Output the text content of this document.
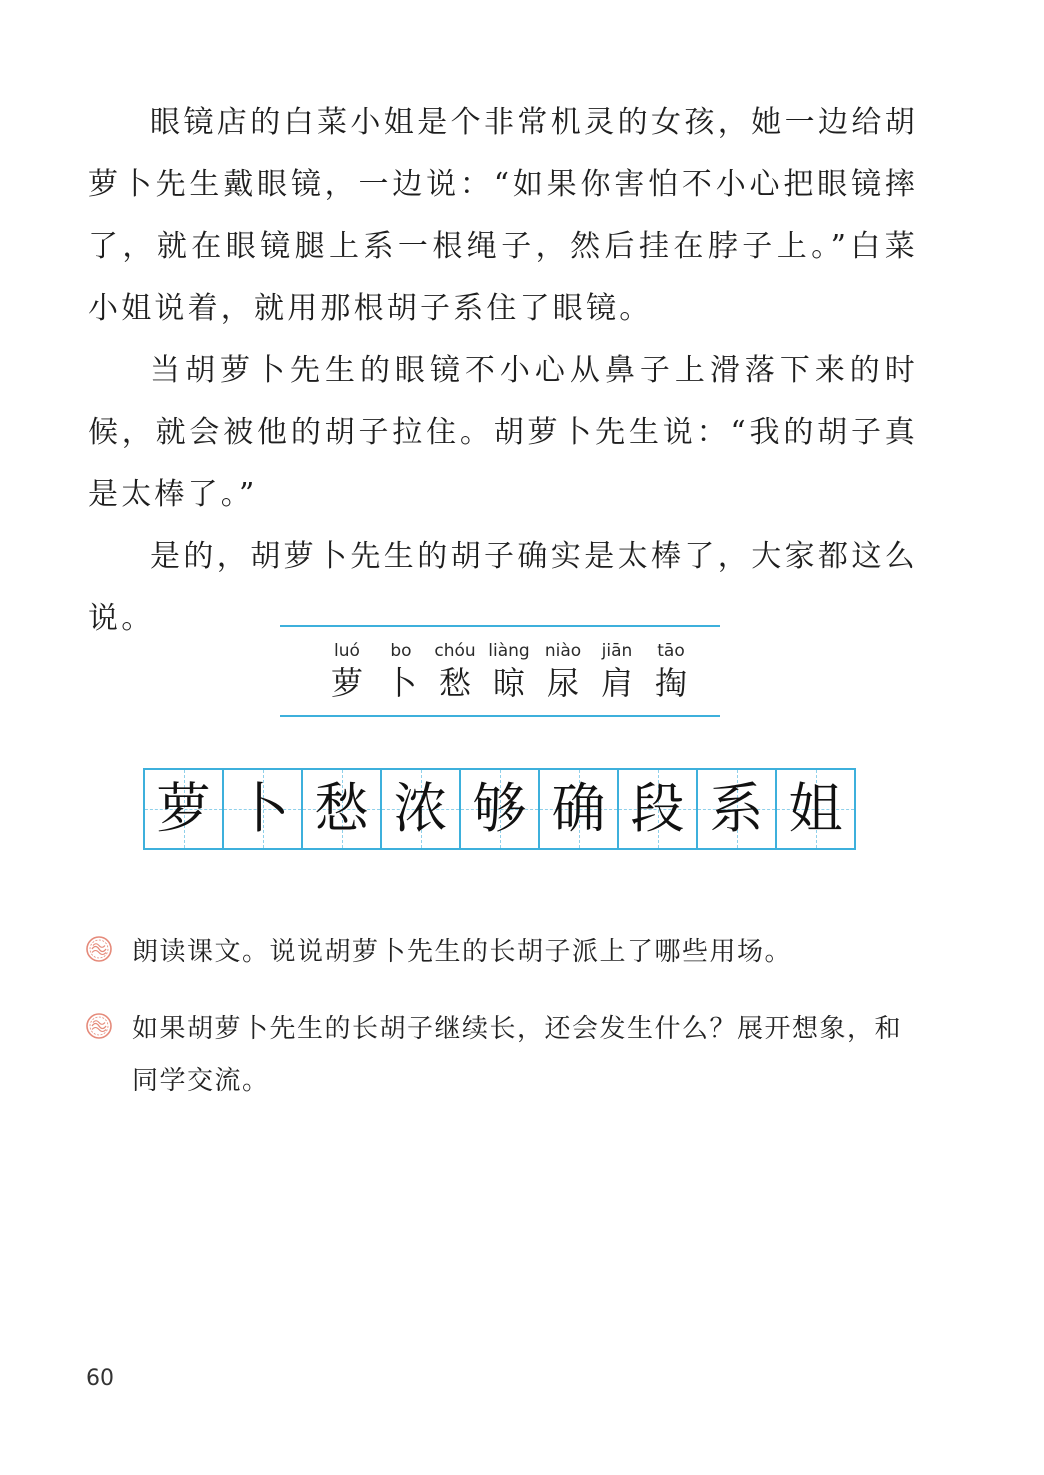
眼镜店的白菜小姐是个非常机灵的女孩，她一边给胡萝卜先生戴眼镜，一边说：“如果你害怕不小心把眼镜摔了，就在眼镜腿上系一根绳子，然后挂在脖子上。”白菜小姐说着，就用那根胡子系住了眼镜。

当胡萝卜先生的眼镜不小心从鼻子上滑落下来的时候，就会被他的胡子拉住。胡萝卜先生说：“我的胡子真是太棒了。”

是的，胡萝卜先生的胡子确实是太棒了，大家都这么说。

luó
萝
bo
卜
chóu
愁
liàng
晾
niào
尿
jiān
肩
tāo
掏
萝 卜 愁 浓 够 确 段 系 姐
朗读课文。说说胡萝卜先生的长胡子派上了哪些用场。
如果胡萝卜先生的长胡子继续长，还会发生什么？展开想象，和同学交流。
60
